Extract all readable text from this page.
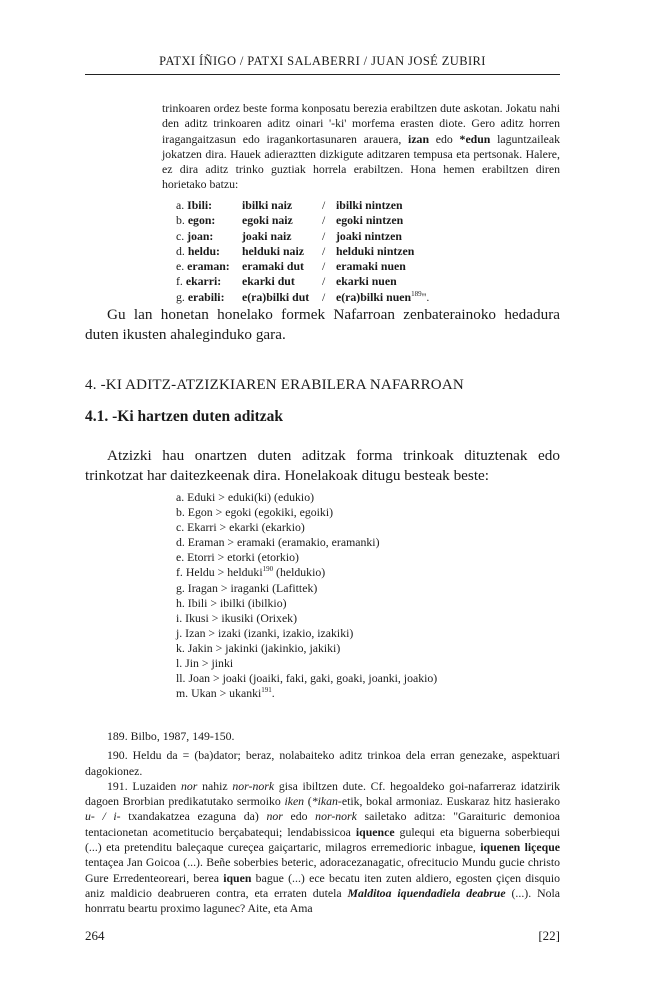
PATXI ÍÑIGO / PATXI SALABERRI / JUAN JOSÉ ZUBIRI

trinkoaren ordez beste forma konposatu berezia erabiltzen dute askotan. Jokatu nahi den aditz trinkoaren aditz oinari '-ki' morfema erasten diote. Gero aditz horren iragangaitzasun edo iragankortasunaren arauera, izan edo *edun laguntzaileak jokatzen dira. Hauek adieraztten dizkigute aditzaren tempusa eta pertsonak. Halere, ez dira aditz trinko guztiak horrela erabiltzen. Hona hemen erabiltzen diren horietako batzu:

a. Ibili:	ibilki naiz	/	ibilki nintzen
b. egon:	egoki naiz	/	egoki nintzen
c. joan:	joaki naiz	/	joaki nintzen
d. heldu:	helduki naiz	/	helduki nintzen
e. eraman:	eramaki dut	/	eramaki nuen
f. ekarri:	ekarki dut	/	ekarki nuen
g. erabili:	e(ra)bilki dut	/	e(ra)bilki nuen$^{189}$".

Gu lan honetan honelako formek Nafarroan zenbaterainoko hedadura duten ikusten ahaleginduko gara.

4. -KI ADITZ-ATZIZKIAREN ERABILERA NAFARROAN
4.1. -Ki hartzen duten aditzak

Atzizki hau onartzen duten aditzak forma trinkoak dituztenak edo trinkotzat har daitezkeenak dira. Honelakoak ditugu besteak beste:

a. Eduki > eduki(ki) (edukio)
b. Egon > egoki (egokiki, egoiki)
c. Ekarri > ekarki (ekarkio)
d. Eraman > eramaki (eramakio, eramanki)
e. Etorri > etorki (etorkio)
f. Heldu > helduki$^{190}$ (heldukio)
g. Iragan > iraganki (Lafittek)
h. Ibili > ibilki (ibilkio)
i. Ikusi > ikusiki (Orixek)
j. Izan > izaki (izanki, izakio, izakiki)
k. Jakin > jakinki (jakinkio, jakiki)
l. Jin > jinki
ll. Joan > joaki (joaiki, faki, gaki, goaki, joanki, joakio)
m. Ukan > ukanki$^{191}$.

189. Bilbo, 1987, 149-150.

190. Heldu da = (ba)dator; beraz, nolabaiteko aditz trinkoa dela erran genezake, aspektuari dagokionez.

191. Luzaiden nor nahiz nor-nork gisa ibiltzen dute. Cf. hegoaldeko goi-nafarreraz idatzirik dagoen Brorbian predikatutako sermoiko iken (*ikan-etik, bokal armoniaz. Euskaraz hitz hasierako u- / i- txandakatzea ezaguna da) nor edo nor-nork sailetako aditza: "Garaituric demonioa tentacionetan acometitucio berçabatequi; lendabissicoa iquence gulequi eta biguerna soberbiequi (...) eta pretenditu baleçaque cureçea gaiçartaric, milagros erremedioric inbague, iquenen liçeque tentaçea Jan Goicoa (...). Beñe soberbies beteric, adoracezanagatic, ofrecitucio Mundu gucie christo Gure Erredenteoreari, berea iquen bague (...) ece becatu iten zuten aldiero, egosten çiçen disquio aniz maldicio deabrueren contra, eta erraten dutela Malditoa iquendadiela deabrue (...). Nola honrratu beartu proximo lagunec? Aite, eta Ama

264	[22]
